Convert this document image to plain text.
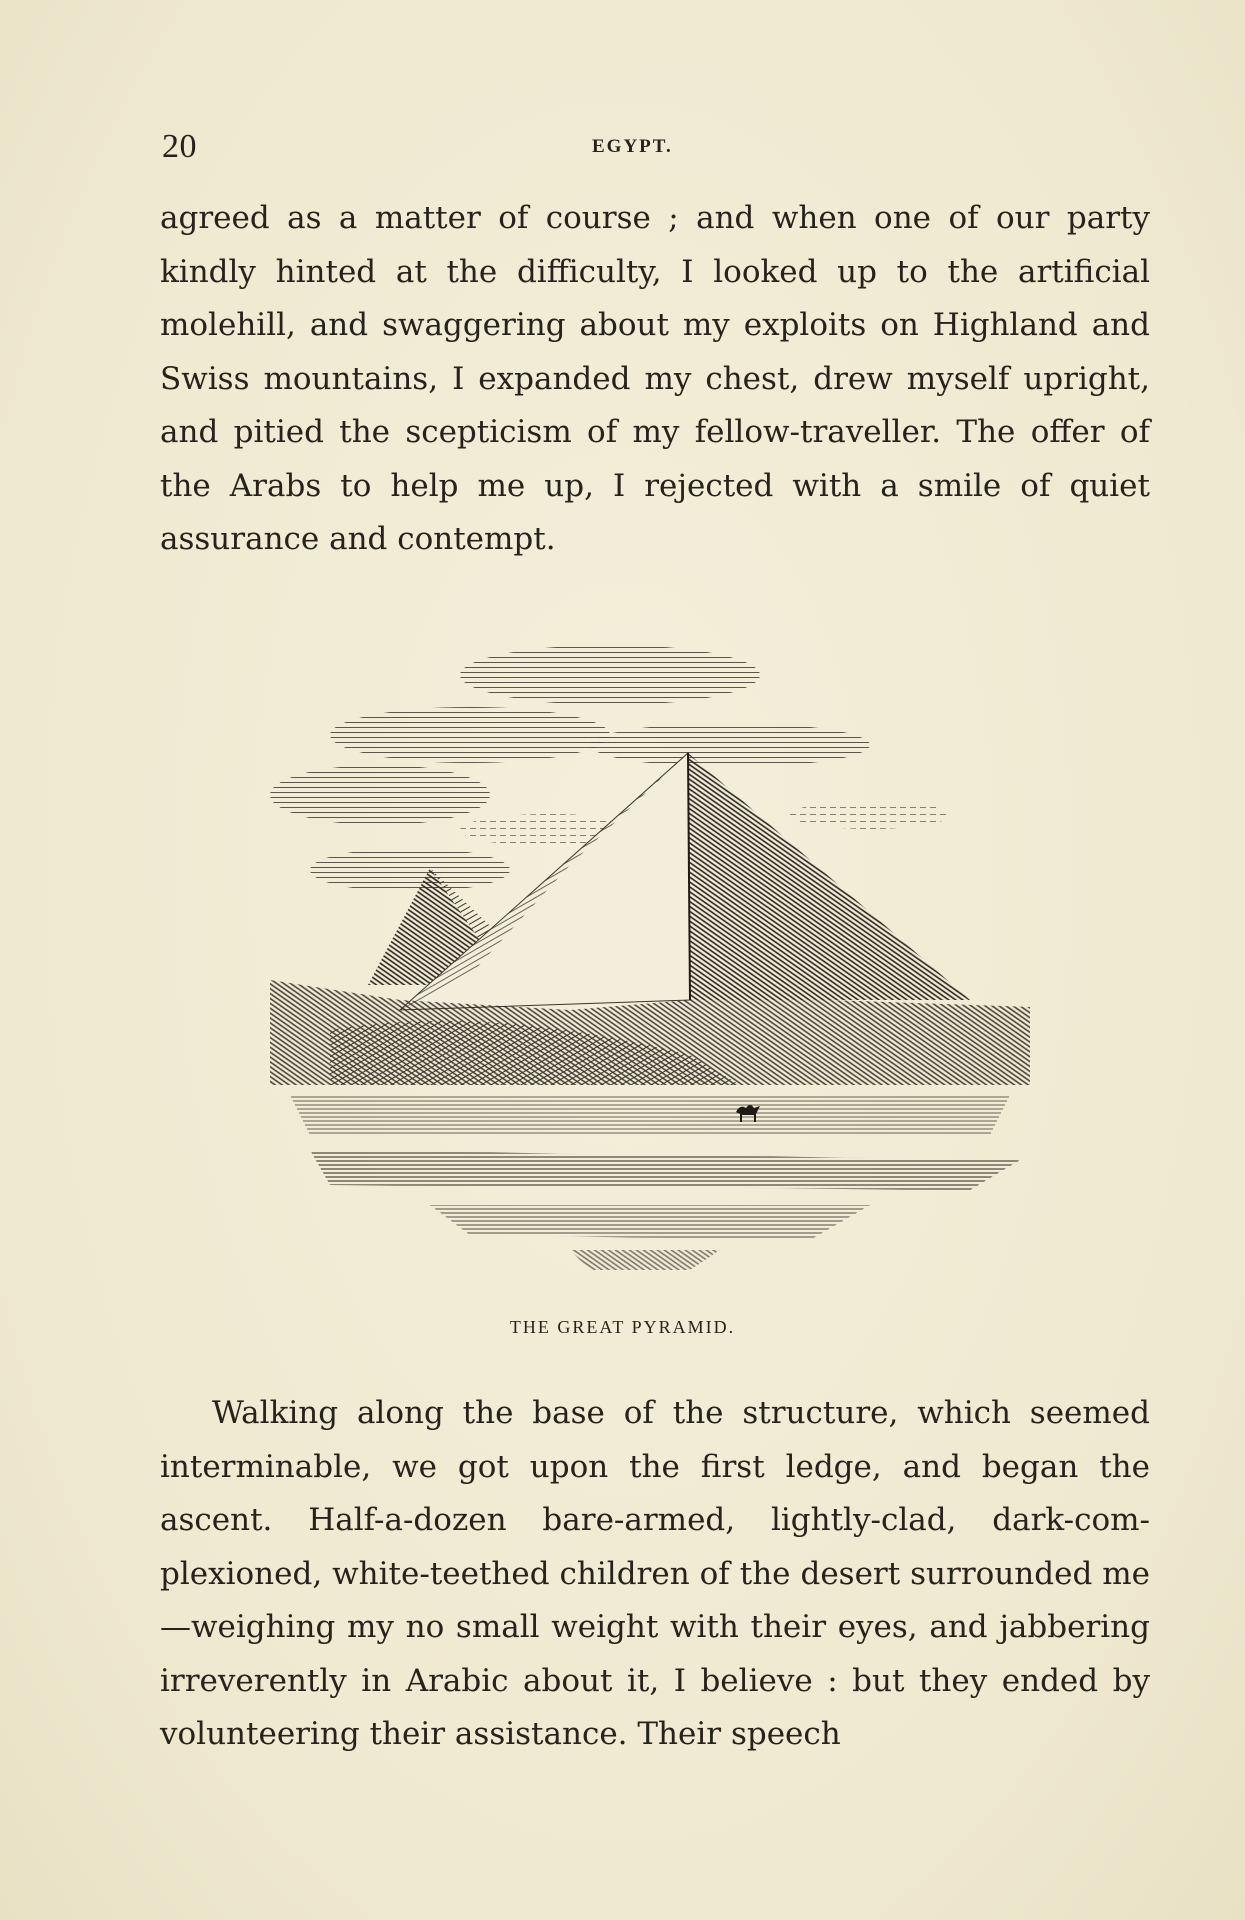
20	EGYPT.

agreed as a matter of course ; and when one of our party kindly hinted at the difficulty, I looked up to the artificial molehill, and swaggering about my exploits on Highland and Swiss mountains, I expanded my chest, drew myself upright, and pitied the scepticism of my fellow-traveller. The offer of the Arabs to help me up, I rejected with a smile of quiet assurance and contempt.

THE GREAT PYRAMID.

Walking along the base of the structure, which seemed interminable, we got upon the first ledge, and began the ascent. Half-a-dozen bare-armed, lightly-clad, dark-com-plexioned, white-teethed children of the desert surrounded me—weighing my no small weight with their eyes, and jabbering irreverently in Arabic about it, I believe : but they ended by volunteering their assistance. Their speech
